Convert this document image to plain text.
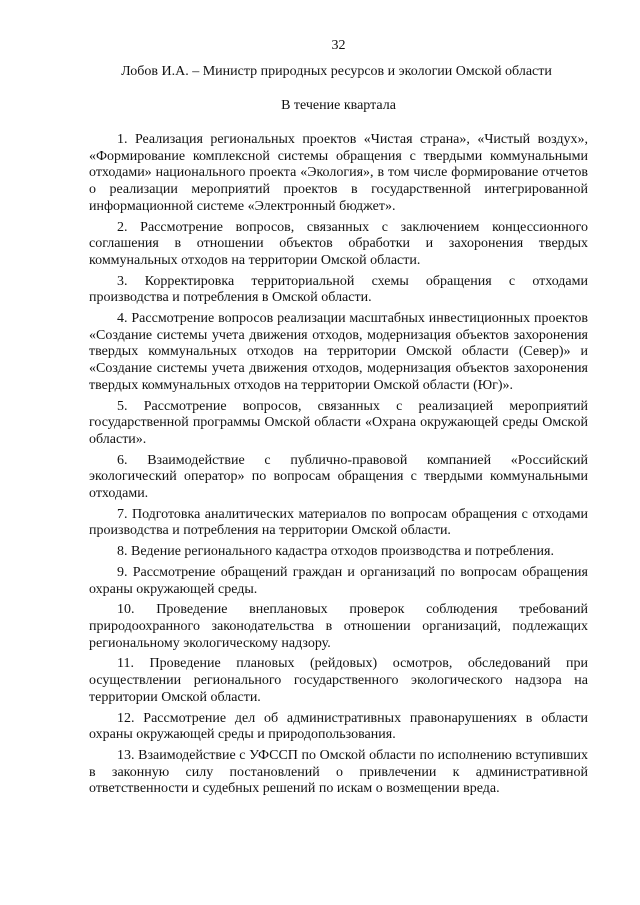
32
Лобов И.А. – Министр природных ресурсов и экологии Омской области
В течение квартала

1. Реализация региональных проектов «Чистая страна», «Чистый воздух», «Формирование комплексной системы обращения с твердыми коммунальными отходами» национального проекта «Экология», в том числе формирование отчетов о реализации мероприятий проектов в государственной интегрированной информационной системе «Электронный бюджет».

2. Рассмотрение вопросов, связанных с заключением концессионного соглашения в отношении объектов обработки и захоронения твердых коммунальных отходов на территории Омской области.

3. Корректировка территориальной схемы обращения с отходами производства и потребления в Омской области.

4. Рассмотрение вопросов реализации масштабных инвестиционных проектов «Создание системы учета движения отходов, модернизация объектов захоронения твердых коммунальных отходов на территории Омской области (Север)» и «Создание системы учета движения отходов, модернизация объектов захоронения твердых коммунальных отходов на территории Омской области (Юг)».

5. Рассмотрение вопросов, связанных с реализацией мероприятий государственной программы Омской области «Охрана окружающей среды Омской области».

6. Взаимодействие с публично-правовой компанией «Российский экологический оператор» по вопросам обращения с твердыми коммунальными отходами.

7. Подготовка аналитических материалов по вопросам обращения с отходами производства и потребления на территории Омской области.

8. Ведение регионального кадастра отходов производства и потребления.

9. Рассмотрение обращений граждан и организаций по вопросам обращения охраны окружающей среды.

10. Проведение внеплановых проверок соблюдения требований природоохранного законодательства в отношении организаций, подлежащих региональному экологическому надзору.

11. Проведение плановых (рейдовых) осмотров, обследований при осуществлении регионального государственного экологического надзора на территории Омской области.

12. Рассмотрение дел об административных правонарушениях в области охраны окружающей среды и природопользования.

13. Взаимодействие с УФССП по Омской области по исполнению вступивших в законную силу постановлений о привлечении к административной ответственности и судебных решений по искам о возмещении вреда.
